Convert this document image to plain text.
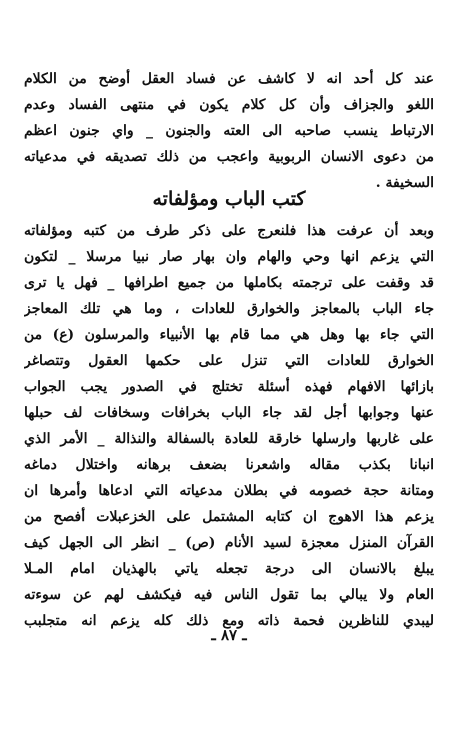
عند كل أحد انه لا كاشف عن فساد العقل أوضح من الكلام
اللغو والجزاف وأن كل كلام يكون في منتهى الفساد وعدم
الارتباط ينسب صاحبه الى العته والجنون _ واي جنون اعظم
من دعوى الانسان الربوبية واعجب من ذلك تصديقه في مدعياته
السخيفة .
كتب الباب ومؤلفاته
وبعد أن عرفت هذا فلنعرج على ذكر طرف من كتبه ومؤلفاته
التي يزعم انها وحي والهام وان بهار صار نبيا مرسلا _ لتكون
قد وقفت على ترجمته بكاملها من جميع اطرافها _ فهل يا ترى
جاء الباب بالمعاجز والخوارق للعادات ، وما هي تلك المعاجز
التي جاء بها وهل هي مما قام بها الأنبياء والمرسلون (ع) من
الخوارق للعادات التي تنزل على حكمها العقول وتتصاغر
بازائها الافهام فهذه أسئلة تختلج في الصدور يجب الجواب
عنها وجوابها أجل لقد جاء الباب بخرافات وسخافات لف حبلها
على غاربها وارسلها خارقة للعادة بالسفالة والنذالة _ الأمر الذي
انبانا بكذب مقاله واشعرنا بضعف برهانه واختلال دماغه
ومتانة حجة خصومه في بطلان مدعياته التي ادعاها وأمرها ان
يزعم هذا الاهوج ان كتابه المشتمل على الخزعبلات أفصح من
القرآن المنزل معجزة لسيد الأنام (ص) _ انظر الى الجهل كيف
يبلغ بالانسان الى درجة تجعله ياتي بالهذيان امام المـلا
العام ولا يبالي بما تقول الناس فيه فيكشف لهم عن سوءته
ليبدي للناظرين فحمة ذاته ومع ذلك كله يزعم انه متجلبب
ـ ٨٧ ـ
